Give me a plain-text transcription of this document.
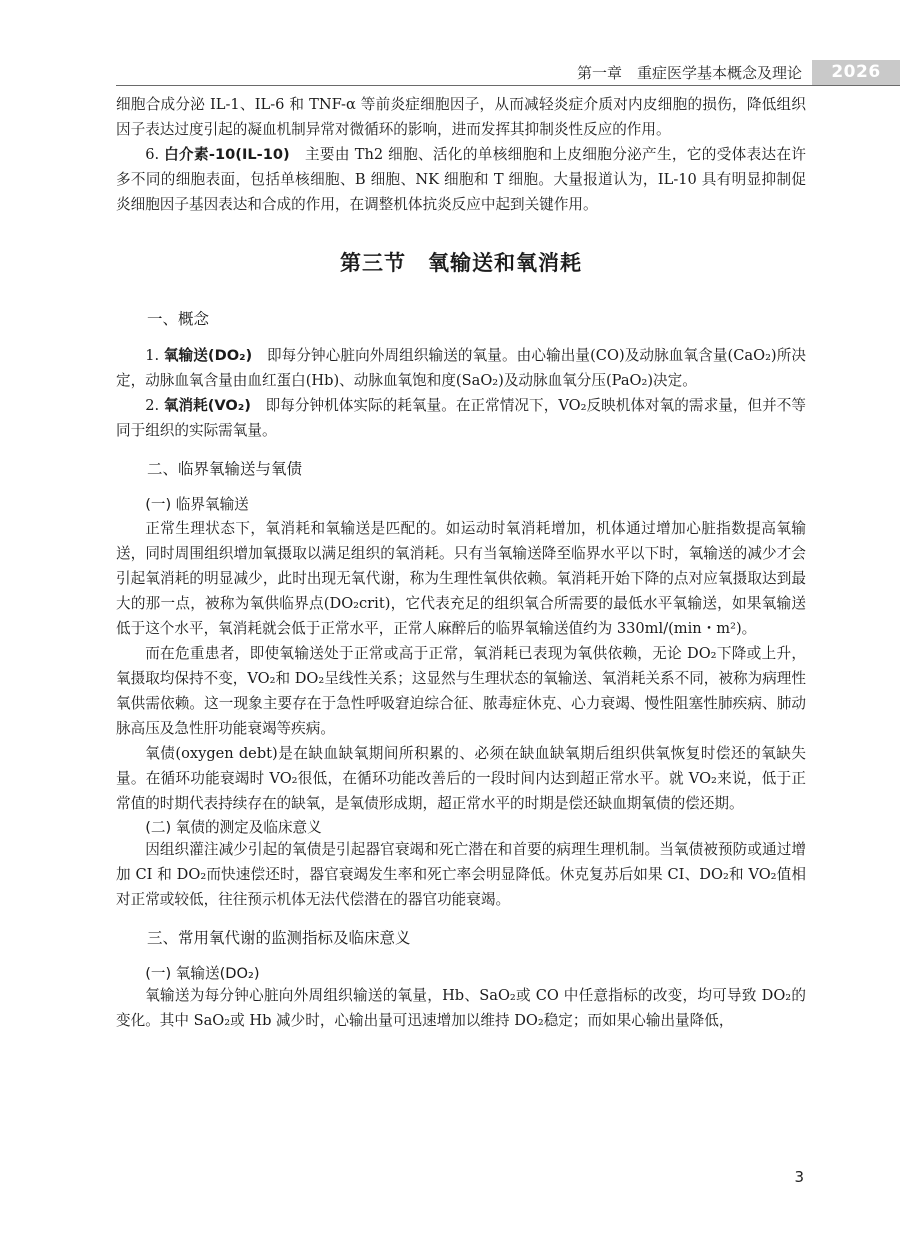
第一章　重症医学基本概念及理论	2026

细胞合成分泌 IL-1、IL-6 和 TNF-α 等前炎症细胞因子，从而减轻炎症介质对内皮细胞的损伤，降低组织因子表达过度引起的凝血机制异常对微循环的影响，进而发挥其抑制炎性反应的作用。

6. 白介素-10(IL-10)　主要由 Th2 细胞、活化的单核细胞和上皮细胞分泌产生，它的受体表达在许多不同的细胞表面，包括单核细胞、B 细胞、NK 细胞和 T 细胞。大量报道认为，IL-10 具有明显抑制促炎细胞因子基因表达和合成的作用，在调整机体抗炎反应中起到关键作用。

第三节　氧输送和氧消耗
一、概念

1. 氧输送(DO₂)　即每分钟心脏向外周组织输送的氧量。由心输出量(CO)及动脉血氧含量(CaO₂)所决定，动脉血氧含量由血红蛋白(Hb)、动脉血氧饱和度(SaO₂)及动脉血氧分压(PaO₂)决定。

2. 氧消耗(VO₂)　即每分钟机体实际的耗氧量。在正常情况下，VO₂反映机体对氧的需求量，但并不等同于组织的实际需氧量。

二、临界氧输送与氧债
(一) 临界氧输送

正常生理状态下，氧消耗和氧输送是匹配的。如运动时氧消耗增加，机体通过增加心脏指数提高氧输送，同时周围组织增加氧摄取以满足组织的氧消耗。只有当氧输送降至临界水平以下时，氧输送的减少才会引起氧消耗的明显减少，此时出现无氧代谢，称为生理性氧供依赖。氧消耗开始下降的点对应氧摄取达到最大的那一点，被称为氧供临界点(DO₂crit)，它代表充足的组织氧合所需要的最低水平氧输送，如果氧输送低于这个水平，氧消耗就会低于正常水平，正常人麻醉后的临界氧输送值约为 330ml/(min・m²)。

而在危重患者，即使氧输送处于正常或高于正常，氧消耗已表现为氧供依赖，无论 DO₂下降或上升，氧摄取均保持不变，VO₂和 DO₂呈线性关系；这显然与生理状态的氧输送、氧消耗关系不同，被称为病理性氧供需依赖。这一现象主要存在于急性呼吸窘迫综合征、脓毒症休克、心力衰竭、慢性阻塞性肺疾病、肺动脉高压及急性肝功能衰竭等疾病。

氧债(oxygen debt)是在缺血缺氧期间所积累的、必须在缺血缺氧期后组织供氧恢复时偿还的氧缺失量。在循环功能衰竭时 VO₂很低，在循环功能改善后的一段时间内达到超正常水平。就 VO₂来说，低于正常值的时期代表持续存在的缺氧，是氧债形成期，超正常水平的时期是偿还缺血期氧债的偿还期。

(二) 氧债的测定及临床意义

因组织灌注减少引起的氧债是引起器官衰竭和死亡潜在和首要的病理生理机制。当氧债被预防或通过增加 CI 和 DO₂而快速偿还时，器官衰竭发生率和死亡率会明显降低。休克复苏后如果 CI、DO₂和 VO₂值相对正常或较低，往往预示机体无法代偿潜在的器官功能衰竭。

三、常用氧代谢的监测指标及临床意义
(一) 氧输送(DO₂)

氧输送为每分钟心脏向外周组织输送的氧量，Hb、SaO₂或 CO 中任意指标的改变，均可导致 DO₂的变化。其中 SaO₂或 Hb 减少时，心输出量可迅速增加以维持 DO₂稳定；而如果心输出量降低，

3
